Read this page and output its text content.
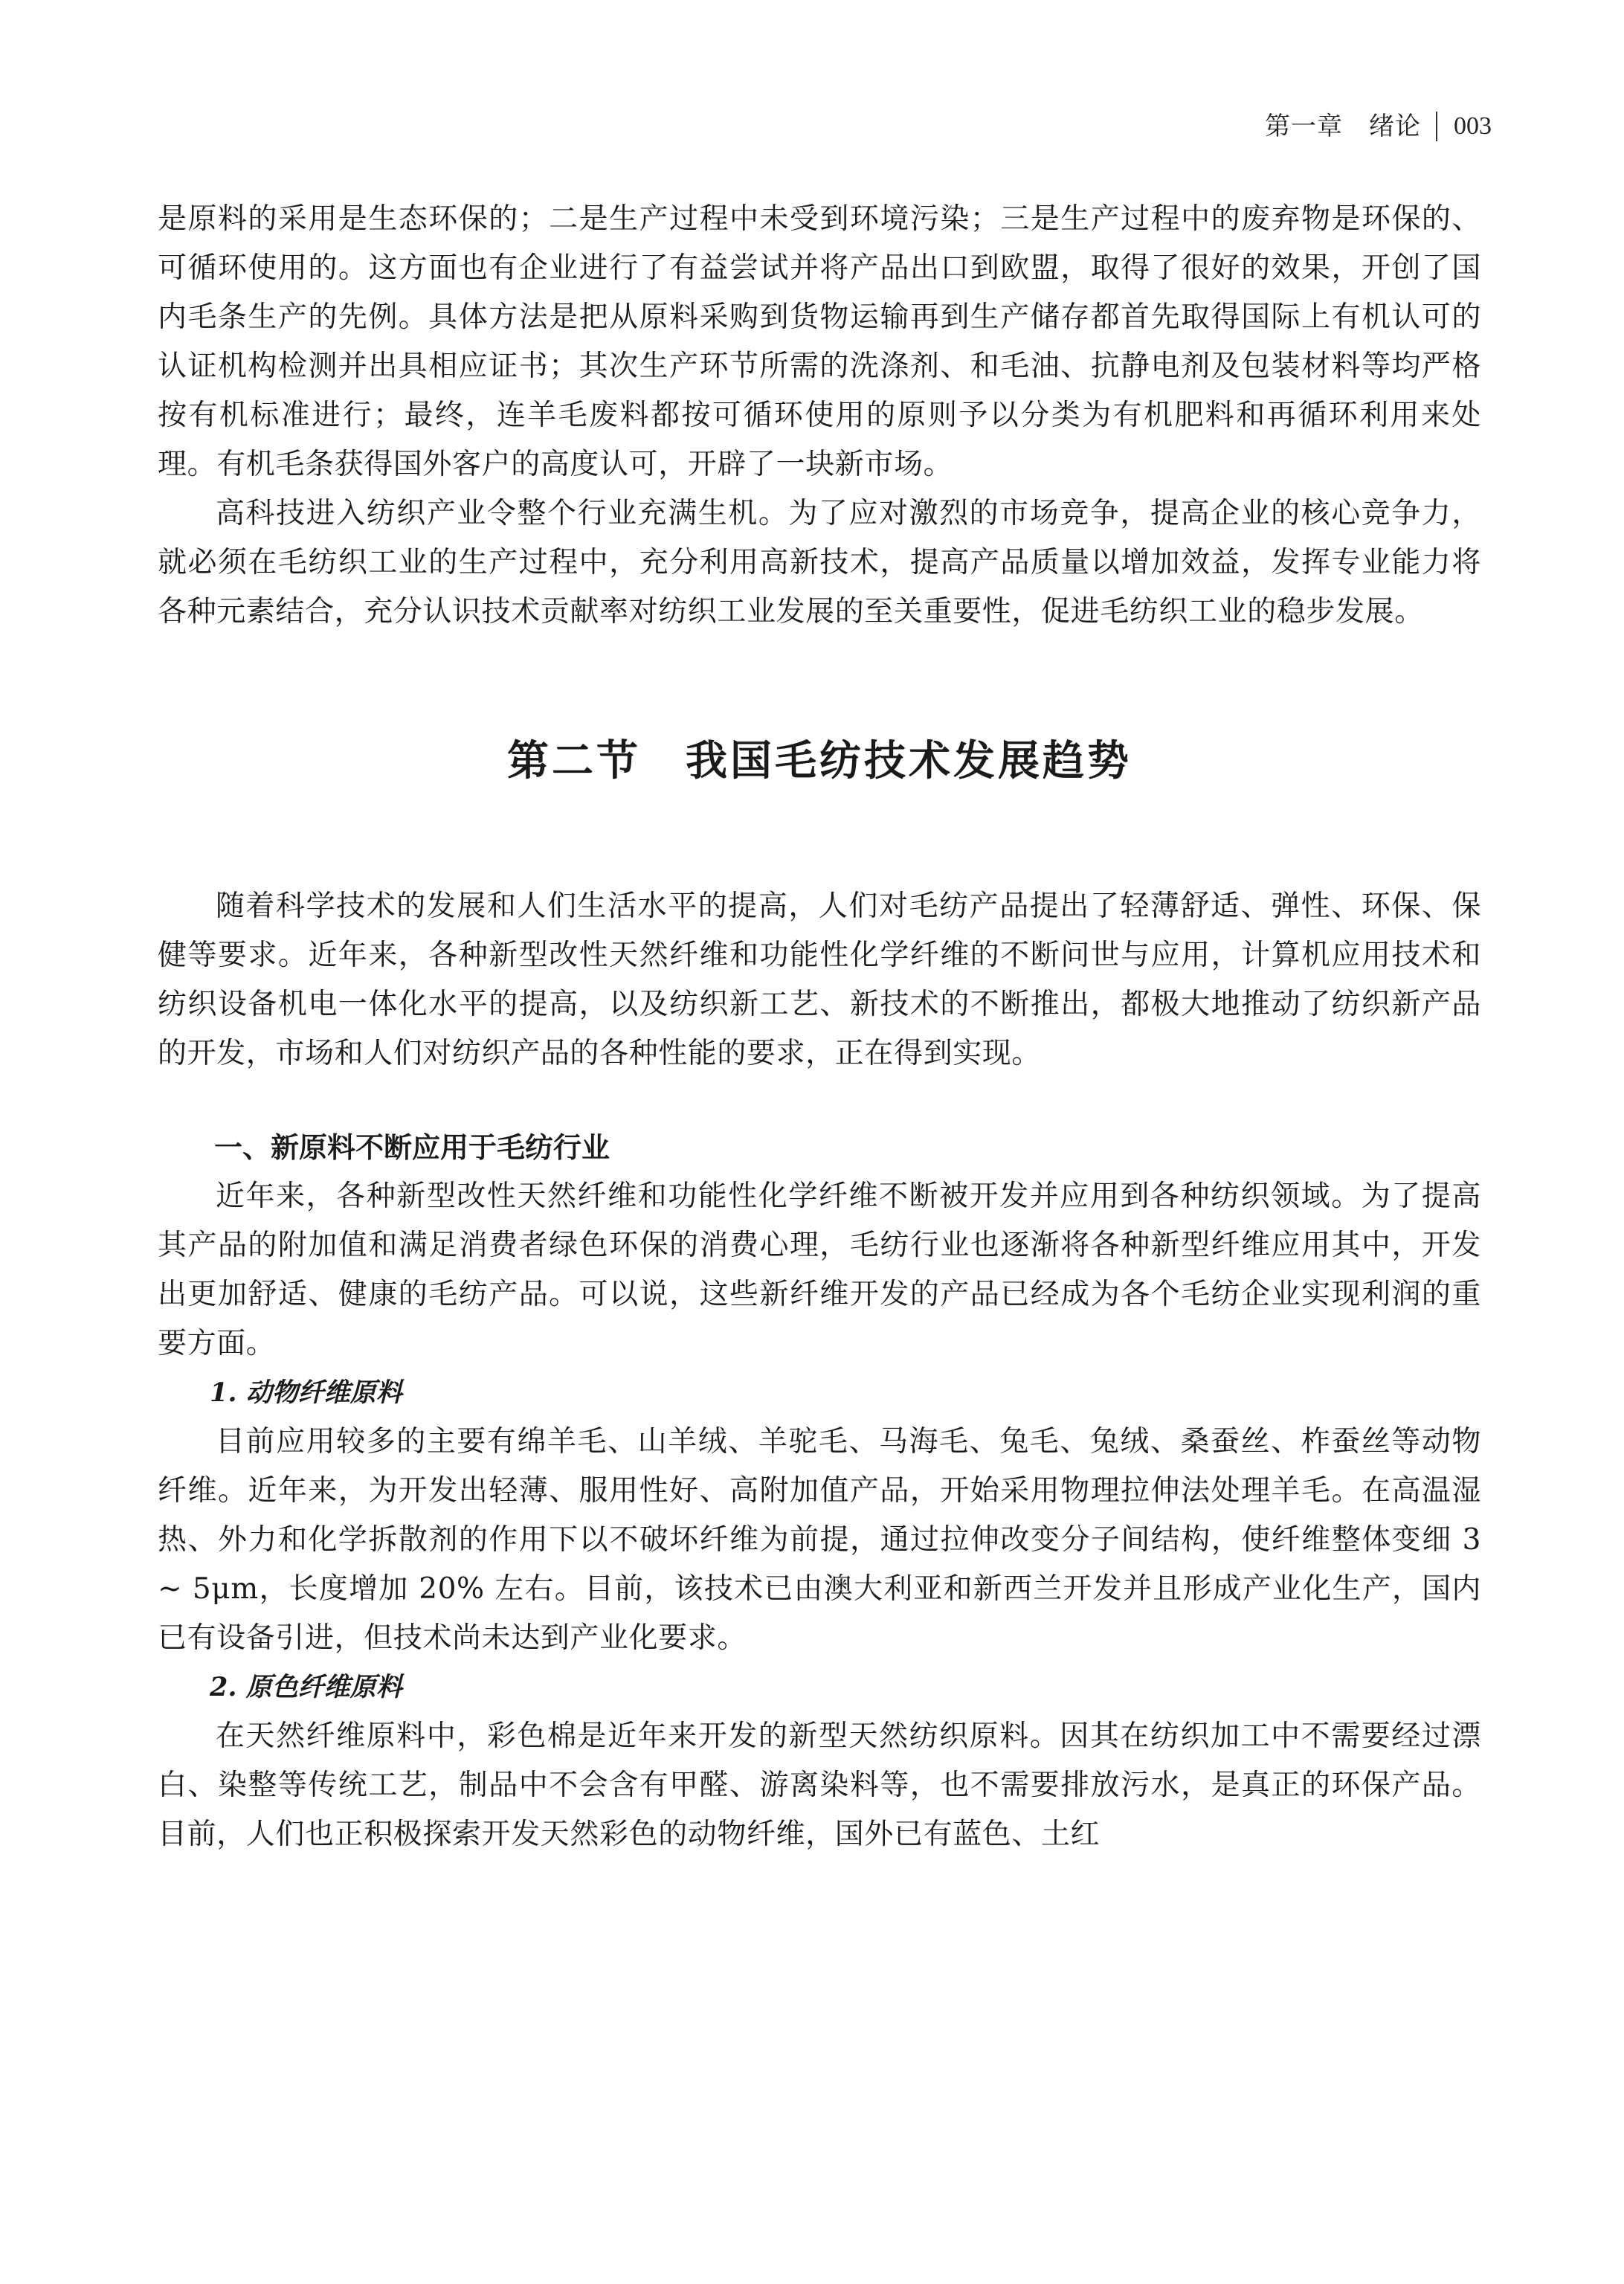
第一章　绪论 003

是原料的采用是生态环保的；二是生产过程中未受到环境污染；三是生产过程中的废弃物是环保的、可循环使用的。这方面也有企业进行了有益尝试并将产品出口到欧盟，取得了很好的效果，开创了国内毛条生产的先例。具体方法是把从原料采购到货物运输再到生产储存都首先取得国际上有机认可的认证机构检测并出具相应证书；其次生产环节所需的洗涤剂、和毛油、抗静电剂及包装材料等均严格按有机标准进行；最终，连羊毛废料都按可循环使用的原则予以分类为有机肥料和再循环利用来处理。有机毛条获得国外客户的高度认可，开辟了一块新市场。

高科技进入纺织产业令整个行业充满生机。为了应对激烈的市场竞争，提高企业的核心竞争力，就必须在毛纺织工业的生产过程中，充分利用高新技术，提高产品质量以增加效益，发挥专业能力将各种元素结合，充分认识技术贡献率对纺织工业发展的至关重要性，促进毛纺织工业的稳步发展。

第二节　我国毛纺技术发展趋势

随着科学技术的发展和人们生活水平的提高，人们对毛纺产品提出了轻薄舒适、弹性、环保、保健等要求。近年来，各种新型改性天然纤维和功能性化学纤维的不断问世与应用，计算机应用技术和纺织设备机电一体化水平的提高，以及纺织新工艺、新技术的不断推出，都极大地推动了纺织新产品的开发，市场和人们对纺织产品的各种性能的要求，正在得到实现。

一、新原料不断应用于毛纺行业

近年来，各种新型改性天然纤维和功能性化学纤维不断被开发并应用到各种纺织领域。为了提高其产品的附加值和满足消费者绿色环保的消费心理，毛纺行业也逐渐将各种新型纤维应用其中，开发出更加舒适、健康的毛纺产品。可以说，这些新纤维开发的产品已经成为各个毛纺企业实现利润的重要方面。

1. 动物纤维原料

目前应用较多的主要有绵羊毛、山羊绒、羊驼毛、马海毛、兔毛、兔绒、桑蚕丝、柞蚕丝等动物纤维。近年来，为开发出轻薄、服用性好、高附加值产品，开始采用物理拉伸法处理羊毛。在高温湿热、外力和化学拆散剂的作用下以不破坏纤维为前提，通过拉伸改变分子间结构，使纤维整体变细 3 ~ 5μm，长度增加 20% 左右。目前，该技术已由澳大利亚和新西兰开发并且形成产业化生产，国内已有设备引进，但技术尚未达到产业化要求。

2. 原色纤维原料

在天然纤维原料中，彩色棉是近年来开发的新型天然纺织原料。因其在纺织加工中不需要经过漂白、染整等传统工艺，制品中不会含有甲醛、游离染料等，也不需要排放污水，是真正的环保产品。目前，人们也正积极探索开发天然彩色的动物纤维，国外已有蓝色、土红
